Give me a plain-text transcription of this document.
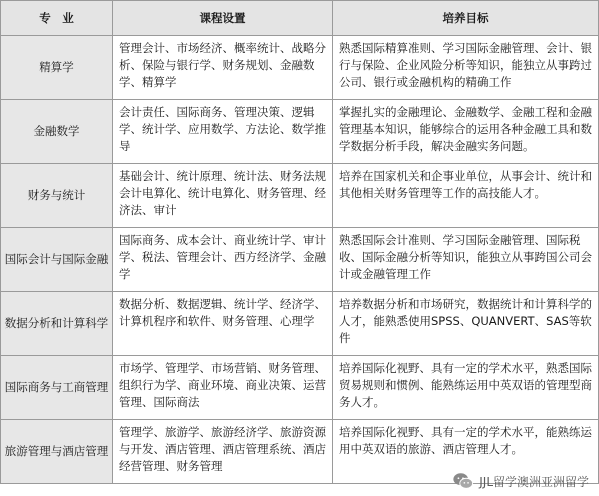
专　业	课程设置	培养目标
精算学	管理会计、市场经济、概率统计、战略分析、保险与银行学、财务规划、金融数学、精算学	熟悉国际精算准则、学习国际金融管理、会计、银行与保险、企业风险分析等知识，能独立从事跨过公司、银行或金融机构的精确工作
金融数学	会计责任、国际商务、管理决策、逻辑学、统计学、应用数学、方法论、数学推导	掌握扎实的金融理论、金融数学、金融工程和金融管理基本知识，能够综合的运用各种金融工具和数学数据分析手段，解决金融实务问题。
财务与统计	基础会计、统计原理、统计法、财务法规会计电算化、统计电算化、财务管理、经济法、审计	培养在国家机关和企事业单位，从事会计、统计和其他相关财务管理等工作的高技能人才。
国际会计与国际金融	国际商务、成本会计、商业统计学、审计学、税法、管理会计、西方经济学、金融学	熟悉国际会计准则、学习国际金融管理、国际税收、国际金融分析等知识，能独立从事跨国公司会计或金融管理工作
数据分析和计算科学	数据分析、数据逻辑、统计学、经济学、计算机程序和软件、财务管理、心理学	培养数据分析和市场研究，数据统计和计算科学的人才，能熟悉使用SPSS、QUANVERT、SAS等软件
国际商务与工商管理	市场学、管理学、市场营销、财务管理、组织行为学、商业环境、商业决策、运营管理、国际商法	培养国际化视野、具有一定的学术水平，熟悉国际贸易规则和惯例、能熟练运用中英双语的管理型商务人才。
旅游管理与酒店管理	管理学、旅游学、旅游经济学、旅游资源与开发、酒店管理、酒店管理系统、酒店经营管理、财务管理	培养国际化视野、具有一定的学术水平，能熟练运用中英双语的旅游、酒店管理人才。
JJL留学澳洲亚洲留学
